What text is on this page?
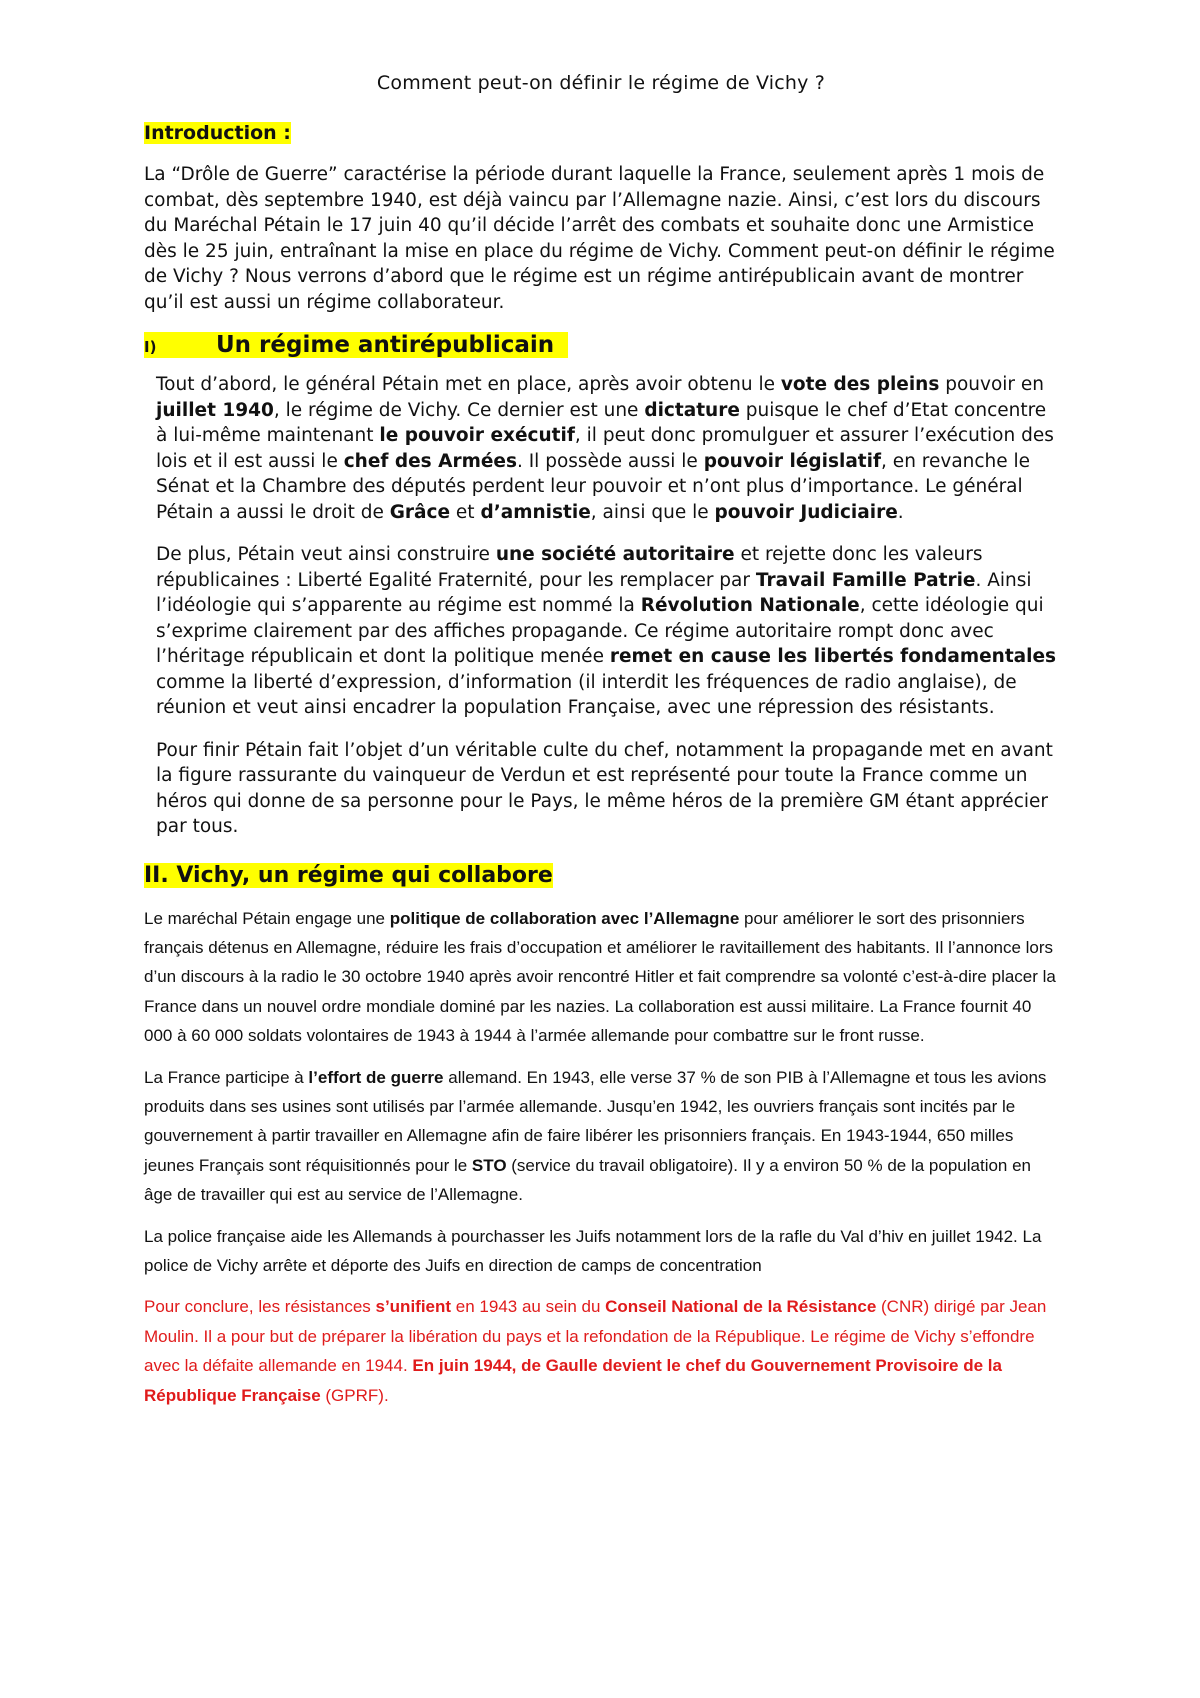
Comment peut-on définir le régime de Vichy ?
Introduction :

La “Drôle de Guerre” caractérise la période durant laquelle la France, seulement après 1 mois de combat, dès septembre 1940, est déjà vaincu par l’Allemagne nazie. Ainsi, c’est lors du discours du Maréchal Pétain le 17 juin 40 qu’il décide l’arrêt des combats et souhaite donc une Armistice dès le 25 juin, entraînant la mise en place du régime de Vichy. Comment peut-on définir le régime de Vichy ? Nous verrons d’abord que le régime est un régime antirépublicain avant de montrer qu’il est aussi un régime collaborateur.

I)	Un régime antirépublicain

Tout d’abord, le général Pétain met en place, après avoir obtenu le vote des pleins pouvoir en juillet 1940, le régime de Vichy. Ce dernier est une dictature puisque le chef d’Etat concentre à lui-même maintenant le pouvoir exécutif, il peut donc promulguer et assurer l’exécution des lois et il est aussi le chef des Armées. Il possède aussi le pouvoir législatif, en revanche le Sénat et la Chambre des députés perdent leur pouvoir et n’ont plus d’importance. Le général Pétain a aussi le droit de Grâce et d’amnistie, ainsi que le pouvoir Judiciaire.

De plus, Pétain veut ainsi construire une société autoritaire et rejette donc les valeurs républicaines : Liberté Egalité Fraternité, pour les remplacer par Travail Famille Patrie. Ainsi l’idéologie qui s’apparente au régime est nommé la Révolution Nationale, cette idéologie qui s’exprime clairement par des affiches propagande. Ce régime autoritaire rompt donc avec l’héritage républicain et dont la politique menée remet en cause les libertés fondamentales comme la liberté d’expression, d’information (il interdit les fréquences de radio anglaise), de réunion et veut ainsi encadrer la population Française, avec une répression des résistants.

Pour finir Pétain fait l’objet d’un véritable culte du chef, notamment la propagande met en avant la figure rassurante du vainqueur de Verdun et est représenté pour toute la France comme un héros qui donne de sa personne pour le Pays, le même héros de la première GM étant apprécier par tous.

II. Vichy, un régime qui collabore

Le maréchal Pétain engage une politique de collaboration avec l’Allemagne pour améliorer le sort des prisonniers français détenus en Allemagne, réduire les frais d’occupation et améliorer le ravitaillement des habitants. Il l’annonce lors d’un discours à la radio le 30 octobre 1940 après avoir rencontré Hitler et fait comprendre sa volonté c’est-à-dire placer la France dans un nouvel ordre mondiale dominé par les nazies. La collaboration est aussi militaire. La France fournit 40 000 à 60 000 soldats volontaires de 1943 à 1944 à l’armée allemande pour combattre sur le front russe.

La France participe à l’effort de guerre allemand. En 1943, elle verse 37 % de son PIB à l’Allemagne et tous les avions produits dans ses usines sont utilisés par l’armée allemande. Jusqu’en 1942, les ouvriers français sont incités par le gouvernement à partir travailler en Allemagne afin de faire libérer les prisonniers français. En 1943-1944, 650 milles jeunes Français sont réquisitionnés pour le STO (service du travail obligatoire). Il y a environ 50 % de la population en âge de travailler qui est au service de l’Allemagne.

La police française aide les Allemands à pourchasser les Juifs notamment lors de la rafle du Val d’hiv en juillet 1942. La police de Vichy arrête et déporte des Juifs en direction de camps de concentration

Pour conclure, les résistances s’unifient en 1943 au sein du Conseil National de la Résistance (CNR) dirigé par Jean Moulin. Il a pour but de préparer la libération du pays et la refondation de la République. Le régime de Vichy s’effondre avec la défaite allemande en 1944. En juin 1944, de Gaulle devient le chef du Gouvernement Provisoire de la République Française (GPRF).
